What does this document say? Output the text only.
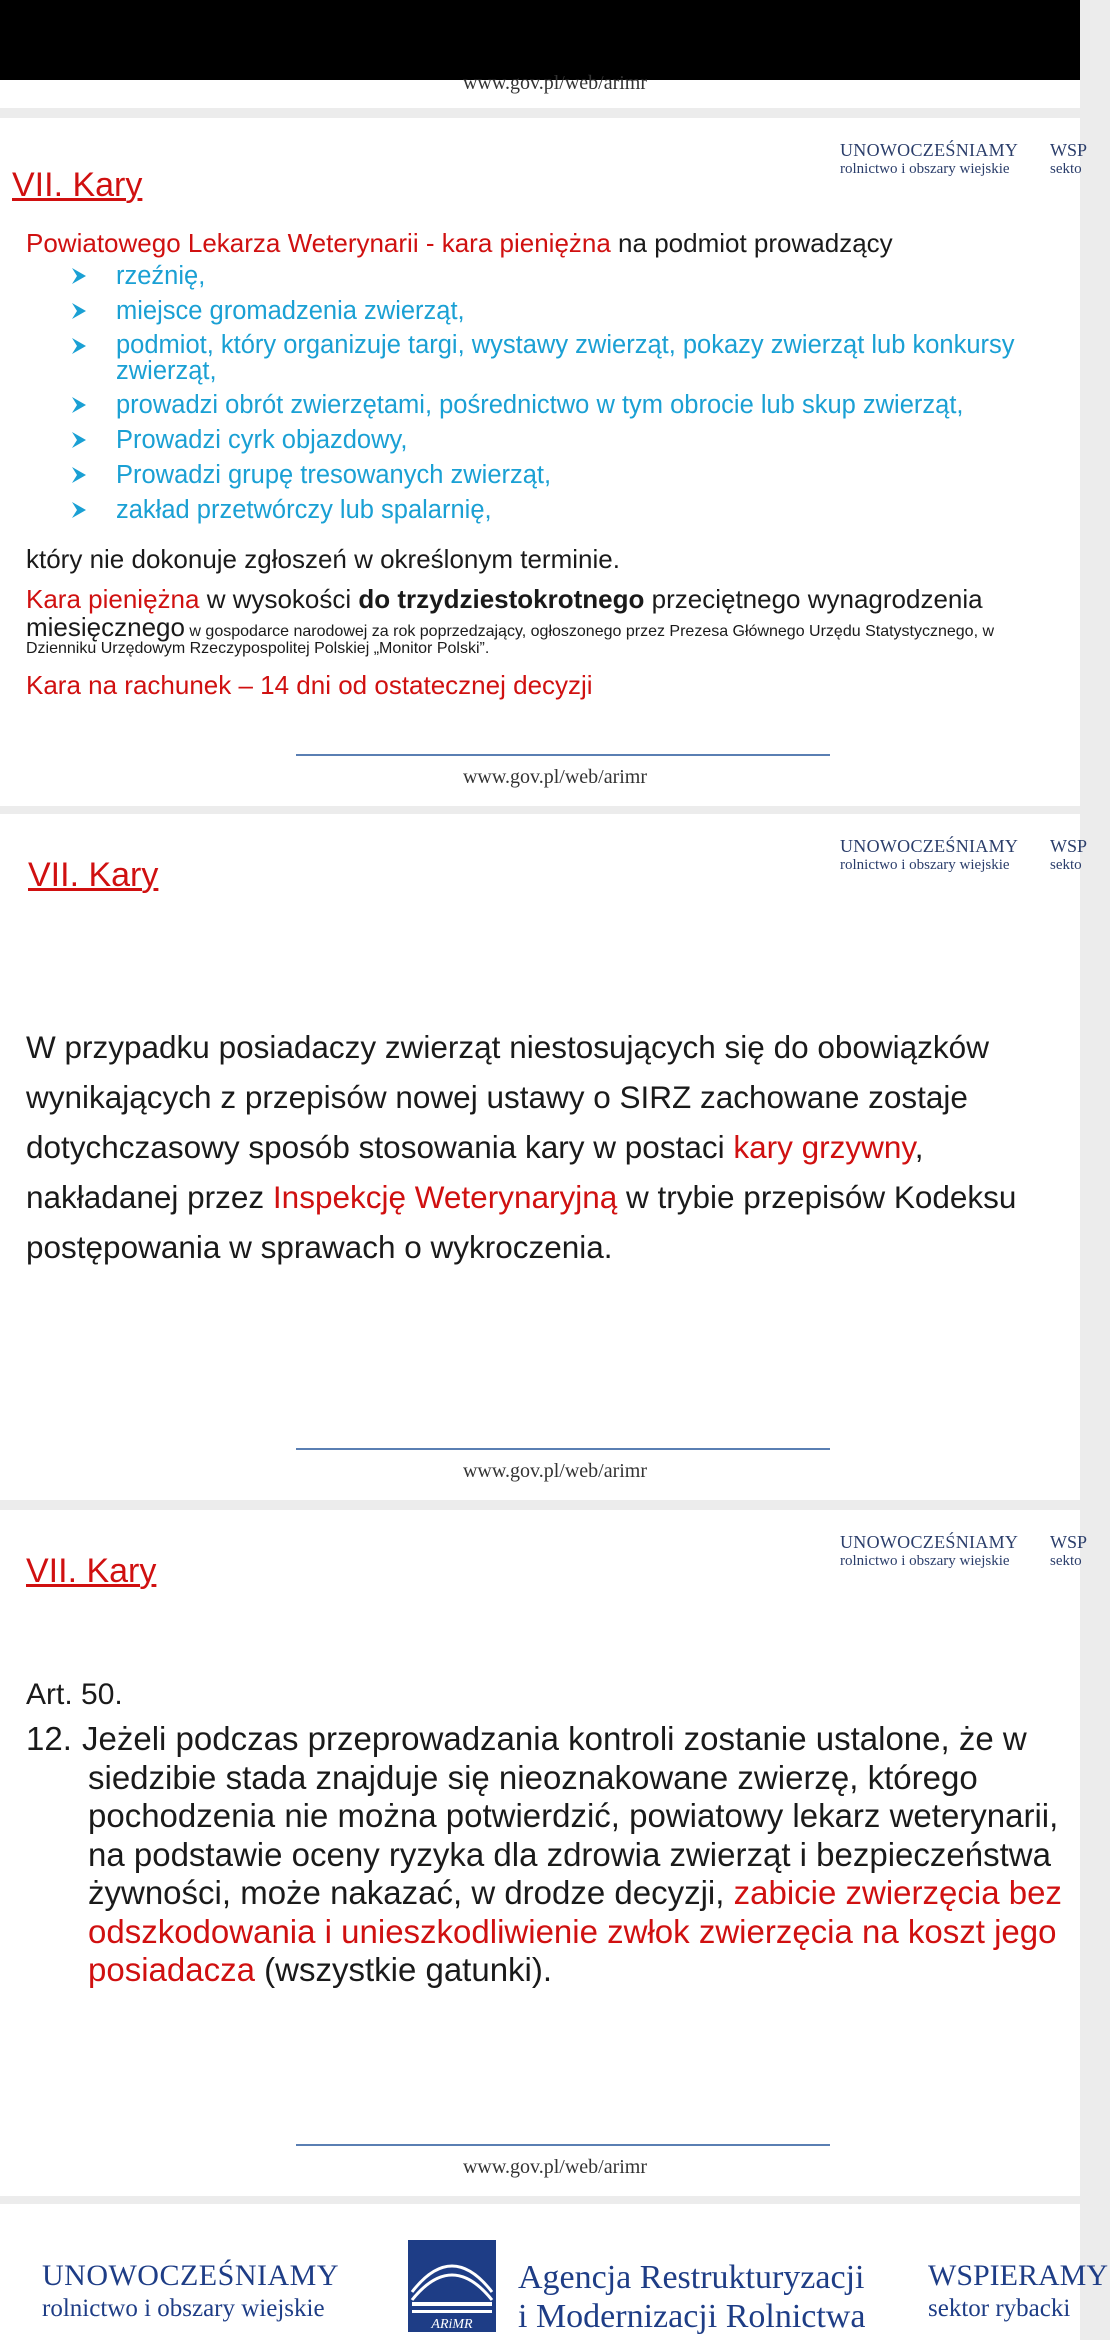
www.gov.pl/web/arimr
UNOWOCZEŚNIAMY
rolnictwo i obszary wiejskie
WSP
sekto
VII. Kary
Powiatowego Lekarza Weterynarii - kara pieniężna na podmiot prowadzący
rzeźnię,
miejsce gromadzenia zwierząt,
podmiot, który organizuje targi, wystawy zwierząt, pokazy zwierząt lub konkursy zwierząt,
prowadzi obrót zwierzętami, pośrednictwo w tym obrocie lub skup zwierząt,
Prowadzi cyrk objazdowy,
Prowadzi grupę tresowanych zwierząt,
zakład przetwórczy lub spalarnię,
który nie dokonuje zgłoszeń w określonym terminie.
Kara pieniężna w wysokości do trzydziestokrotnego przeciętnego wynagrodzenia
miesięcznego w gospodarce narodowej za rok poprzedzający, ogłoszonego przez Prezesa Głównego Urzędu Statystycznego, w
Dzienniku Urzędowym Rzeczypospolitej Polskiej „Monitor Polski”.
Kara na rachunek – 14 dni od ostatecznej decyzji
www.gov.pl/web/arimr
UNOWOCZEŚNIAMY
rolnictwo i obszary wiejskie
WSP
sekto
VII. Kary
W przypadku posiadaczy zwierząt niestosujących się do obowiązków wynikających z przepisów nowej ustawy o SIRZ zachowane zostaje dotychczasowy sposób stosowania kary w postaci kary grzywny, nakładanej przez Inspekcję Weterynaryjną w trybie przepisów Kodeksu postępowania w sprawach o wykroczenia.
www.gov.pl/web/arimr
UNOWOCZEŚNIAMY
rolnictwo i obszary wiejskie
WSP
sekto
VII. Kary
Art. 50.
12. Jeżeli podczas przeprowadzania kontroli zostanie ustalone, że w siedzibie stada znajduje się nieoznakowane zwierzę, którego pochodzenia nie można potwierdzić, powiatowy lekarz weterynarii, na podstawie oceny ryzyka dla zdrowia zwierząt i bezpieczeństwa żywności, może nakazać, w drodze decyzji, zabicie zwierzęcia bez odszkodowania i unieszkodliwienie zwłok zwierzęcia na koszt jego posiadacza (wszystkie gatunki).
www.gov.pl/web/arimr
UNOWOCZEŚNIAMY
rolnictwo i obszary wiejskie
ARiMR
Agencja Restrukturyzacji
i Modernizacji Rolnictwa
WSPIERAMY
sektor rybacki
